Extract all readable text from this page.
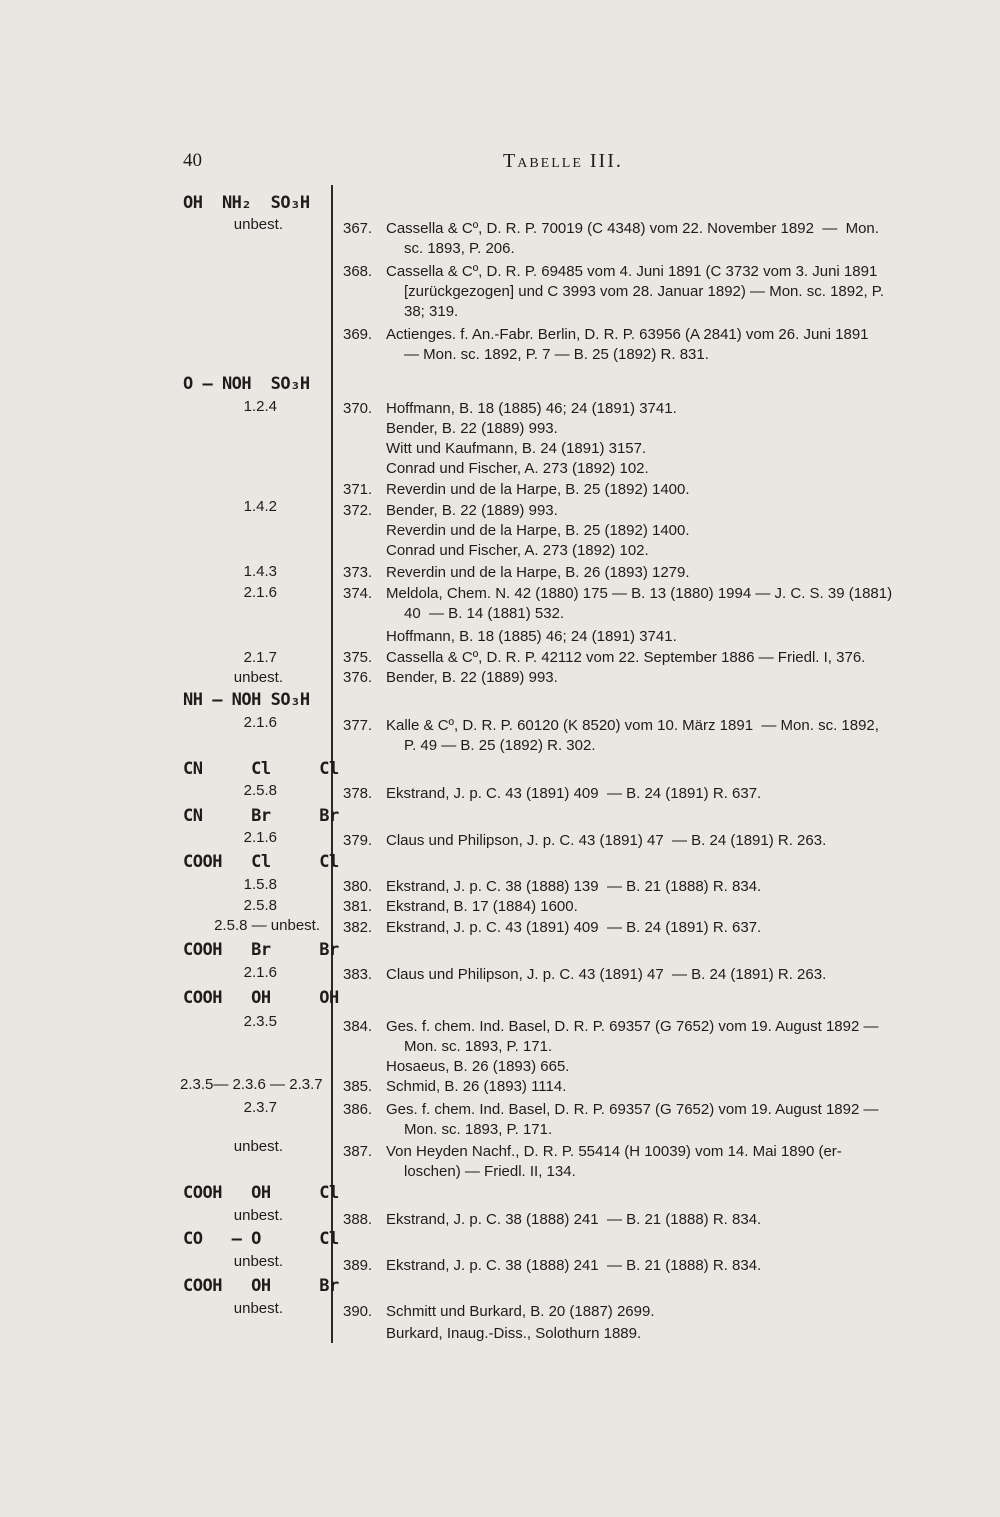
40	Tabelle III.
OH  NH₂  SO₃H
unbest.
O — NOH  SO₃H
1.2.4
1.4.2
1.4.3
2.1.6
2.1.7
unbest.
NH — NOH SO₃H
2.1.6
CN     Cl     Cl
2.5.8
CN     Br     Br
2.1.6
COOH   Cl     Cl
1.5.8
2.5.8
2.5.8 — unbest.
COOH   Br     Br
2.1.6
COOH   OH     OH
2.3.5
2.3.5— 2.3.6 — 2.3.7
2.3.7
unbest.
COOH   OH     Cl
unbest.
CO   — O      Cl
unbest.
COOH   OH     Br
unbest.
367. Cassella & Cº, D. R. P. 70019 (C 4348) vom 22. November 1892  —  Mon.
sc. 1893, P. 206.
368. Cassella & Cº, D. R. P. 69485 vom 4. Juni 1891 (C 3732 vom 3. Juni 1891
[zurückgezogen] und C 3993 vom 28. Januar 1892) — Mon. sc. 1892, P.
38; 319.
369. Actienges. f. An.-Fabr. Berlin, D. R. P. 63956 (A 2841) vom 26. Juni 1891
— Mon. sc. 1892, P. 7 — B. 25 (1892) R. 831.
370. Hoffmann, B. 18 (1885) 46; 24 (1891) 3741.
Bender, B. 22 (1889) 993.
Witt und Kaufmann, B. 24 (1891) 3157.
Conrad und Fischer, A. 273 (1892) 102.
371. Reverdin und de la Harpe, B. 25 (1892) 1400.
372. Bender, B. 22 (1889) 993.
Reverdin und de la Harpe, B. 25 (1892) 1400.
Conrad und Fischer, A. 273 (1892) 102.
373. Reverdin und de la Harpe, B. 26 (1893) 1279.
374. Meldola, Chem. N. 42 (1880) 175 — B. 13 (1880) 1994 — J. C. S. 39 (1881)
40  — B. 14 (1881) 532.
Hoffmann, B. 18 (1885) 46; 24 (1891) 3741.
375. Cassella & Cº, D. R. P. 42112 vom 22. September 1886 — Friedl. I, 376.
376. Bender, B. 22 (1889) 993.
377. Kalle & Cº, D. R. P. 60120 (K 8520) vom 10. März 1891  — Mon. sc. 1892,
P. 49 — B. 25 (1892) R. 302.
378. Ekstrand, J. p. C. 43 (1891) 409  — B. 24 (1891) R. 637.
379. Claus und Philipson, J. p. C. 43 (1891) 47  — B. 24 (1891) R. 263.
380. Ekstrand, J. p. C. 38 (1888) 139  — B. 21 (1888) R. 834.
381. Ekstrand, B. 17 (1884) 1600.
382. Ekstrand, J. p. C. 43 (1891) 409  — B. 24 (1891) R. 637.
383. Claus und Philipson, J. p. C. 43 (1891) 47  — B. 24 (1891) R. 263.
384. Ges. f. chem. Ind. Basel, D. R. P. 69357 (G 7652) vom 19. August 1892 —
Mon. sc. 1893, P. 171.
Hosaeus, B. 26 (1893) 665.
385. Schmid, B. 26 (1893) 1114.
386. Ges. f. chem. Ind. Basel, D. R. P. 69357 (G 7652) vom 19. August 1892 —
Mon. sc. 1893, P. 171.
387. Von Heyden Nachf., D. R. P. 55414 (H 10039) vom 14. Mai 1890 (er-
loschen) — Friedl. II, 134.
388. Ekstrand, J. p. C. 38 (1888) 241  — B. 21 (1888) R. 834.
389. Ekstrand, J. p. C. 38 (1888) 241  — B. 21 (1888) R. 834.
390. Schmitt und Burkard, B. 20 (1887) 2699.
Burkard, Inaug.-Diss., Solothurn 1889.
